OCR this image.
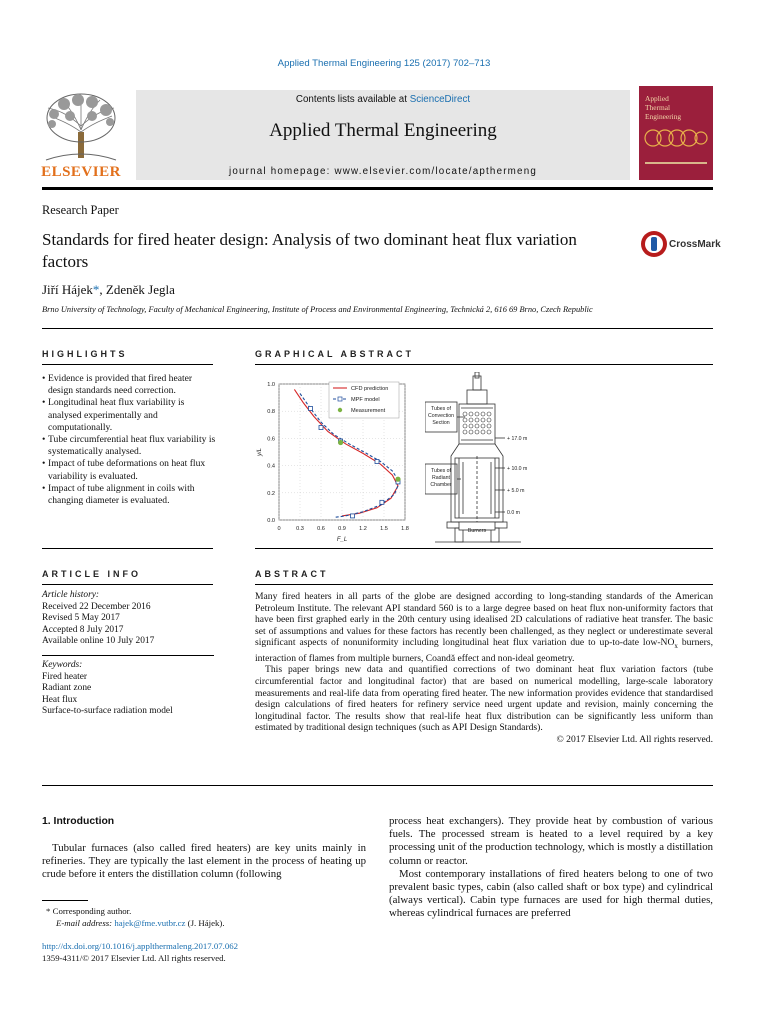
Applied Thermal Engineering 125 (2017) 702–713
ELSEVIER
Contents lists available at ScienceDirect
Applied Thermal Engineering
journal homepage: www.elsevier.com/locate/apthermeng
Applied
Thermal
Engineering
Research Paper
Standards for fired heater design: Analysis of two dominant heat flux variation factors
CrossMark
Jiří Hájek*, Zdeněk Jegla
Brno University of Technology, Faculty of Mechanical Engineering, Institute of Process and Environmental Engineering, Technická 2, 616 69 Brno, Czech Republic
HIGHLIGHTS
• Evidence is provided that fired heater design standards need correction.
• Longitudinal heat flux variability is analysed experimentally and computationally.
• Tube circumferential heat flux variability is systematically analysed.
• Impact of tube deformations on heat flux variability is evaluated.
• Impact of tube alignment in coils with changing diameter is evaluated.
GRAPHICAL ABSTRACT
0	0.3 0.6 0.9 1.2 1.5 1.8
0.0
0.2
0.4
0.6
0.8
1.0
F_L
y/L
CFD prediction
MPF model
Measurement	Tubes of
Convection
Section
Tubes of
Radiant
Chamber
Burners
+ 17.0 m
+ 10.0 m
+ 5.0 m
0.0 m
ARTICLE INFO
Article history:
Received 22 December 2016
Revised 5 May 2017
Accepted 8 July 2017
Available online 10 July 2017
Keywords:
Fired heater
Radiant zone
Heat flux
Surface-to-surface radiation model
ABSTRACT
Many fired heaters in all parts of the globe are designed according to long-standing standards of the American Petroleum Institute. The relevant API standard 560 is to a large degree based on heat flux non-uniformity factors that have been first graphed early in the 20th century using idealised 2D calculations of radiative heat transfer. The basic set of assumptions and values for these factors has recently been challenged, as they neglect or underestimate several significant aspects of nonuniformity including longitudinal heat flux variation due to up-to-date low-$NO_x$ burners, interaction of flames from multiple burners, Coandă effect and non-ideal geometry.
This paper brings new data and quantified corrections of two dominant heat flux variation factors (tube circumferential factor and longitudinal factor) that are based on numerical modelling, large-scale laboratory measurements and real-life data from operating fired heater. The new information provides evidence that standardised design calculations of fired heaters for refinery service need urgent update and revision, mainly concerning the longitudinal factor. The results show that real-life heat flux distribution can be significantly less uniform than estimated by traditional design techniques (such as API Design Standards).
© 2017 Elsevier Ltd. All rights reserved.
1. Introduction
Tubular furnaces (also called fired heaters) are key units mainly in refineries. They are typically the last element in the process of heating up crude before it enters the distillation column (following
process heat exchangers). They provide heat by combustion of various fuels. The processed stream is heated to a level required by a key processing unit of the production technology, which is mostly a distillation column or reactor.
Most contemporary installations of fired heaters belong to one of two prevalent basic types, cabin (also called shaft or box type) and cylindrical (always vertical). Cabin type furnaces are used for high thermal duties, whereas cylindrical furnaces are preferred
* Corresponding author.
E-mail address: hajek@fme.vutbr.cz (J. Hájek).
http://dx.doi.org/10.1016/j.applthermaleng.2017.07.062
1359-4311/© 2017 Elsevier Ltd. All rights reserved.
